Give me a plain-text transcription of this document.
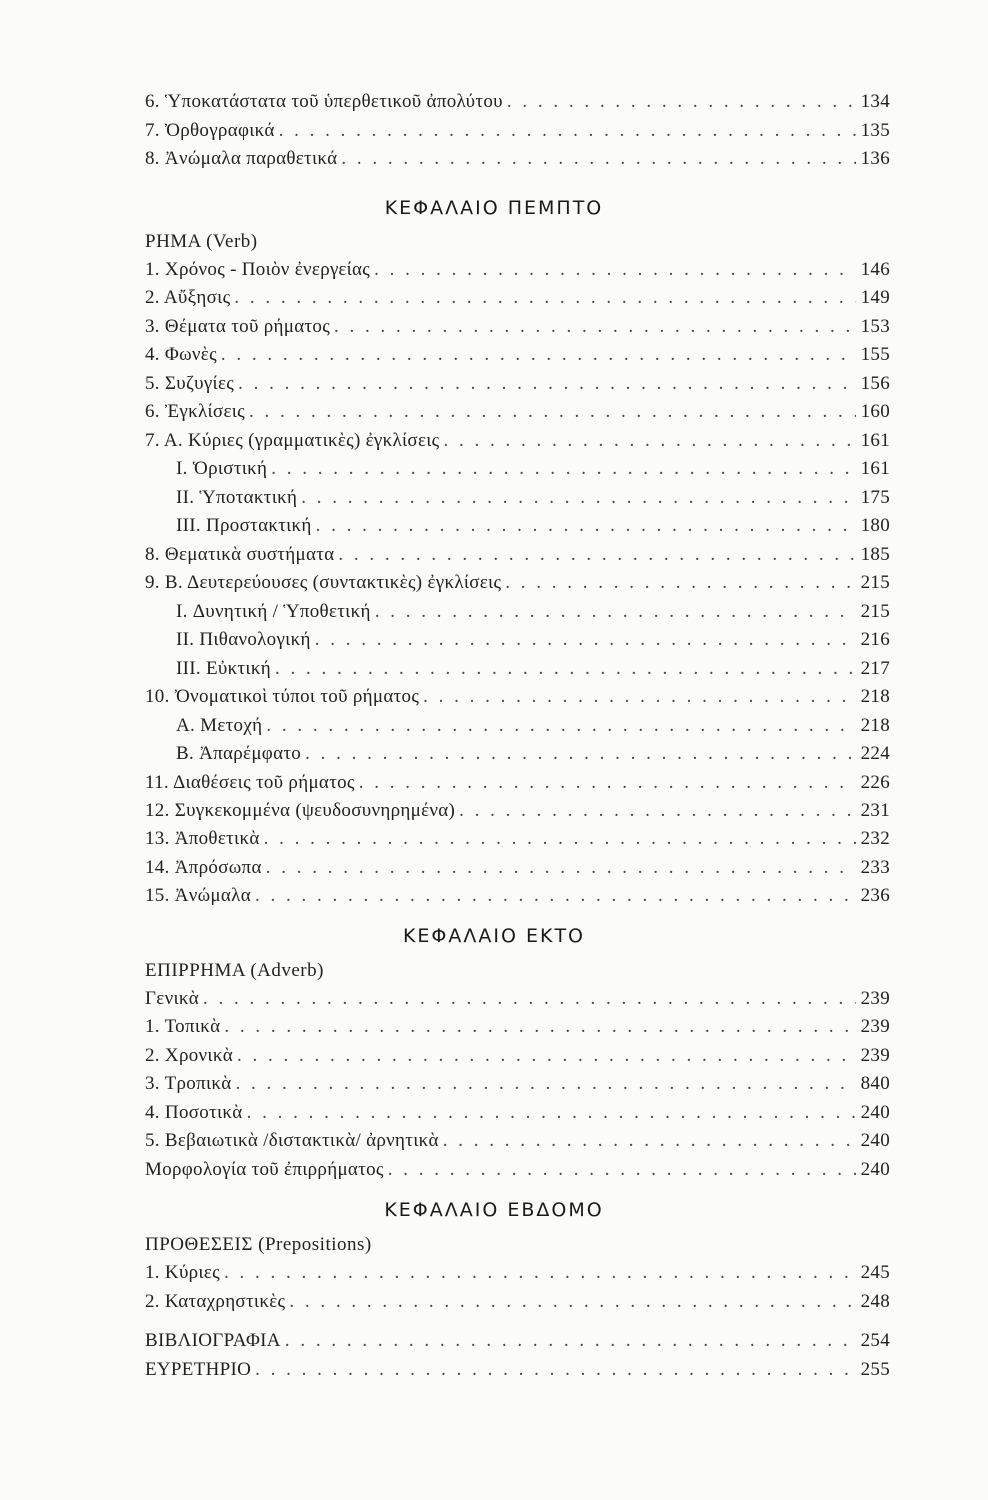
6. Ὑποκατάστατα τοῦ ὑπερθετικοῦ ἀπολύτου . . .	134
7. Ὀρθογραφικά . . .	135
8. Ἀνώμαλα παραθετικά . . .	136
ΚΕΦΑΛΑΙΟ ΠΕΜΠΤΟ
ΡΗΜΑ (Verb)
1. Χρόνος - Ποιὸν ἐνεργείας . . .	146
2. Αὔξησις . . .	149
3. Θέματα τοῦ ρήματος . . .	153
4. Φωνὲς . . .	155
5. Συζυγίες . . .	156
6. Ἐγκλίσεις . . .	160
7. Α. Κύριες (γραμματικὲς) ἐγκλίσεις . . .	161
I. Ὁριστική . . .	161
II. Ὑποτακτική . . .	175
III. Προστακτική . . .	180
8. Θεματικὰ συστήματα . . .	185
9. Β. Δευτερεύουσες (συντακτικὲς) ἐγκλίσεις . . .	215
I. Δυνητική / Ὑποθετική . . .	215
II. Πιθανολογική . . .	216
III. Εὐκτική . . .	217
10. Ὀνοματικοὶ τύποι τοῦ ρήματος . . .	218
Α. Μετοχή . . .	218
Β. Ἀπαρέμφατο . . .	224
11. Διαθέσεις τοῦ ρήματος . . .	226
12. Συγκεκομμένα (ψευδοσυνηρημένα) . . .	231
13. Ἀποθετικὰ . . .	232
14. Ἀπρόσωπα . . .	233
15. Ἀνώμαλα . . .	236
ΚΕΦΑΛΑΙΟ ΕΚΤΟ
ΕΠΙΡΡΗΜΑ (Adverb)
Γενικὰ . . .	239
1. Τοπικὰ . . .	239
2. Χρονικὰ . . .	239
3. Τροπικὰ . . .	840
4. Ποσοτικὰ . . .	240
5. Βεβαιωτικὰ /διστακτικὰ/ ἀρνητικὰ . . .	240
Μορφολογία τοῦ ἐπιρρήματος . . .	240
ΚΕΦΑΛΑΙΟ ΕΒΔΟΜΟ
ΠΡΟΘΕΣΕΙΣ (Prepositions)
1. Κύριες . . .	245
2. Καταχρηστικὲς . . .	248
ΒΙΒΛΙΟΓΡΑΦΙΑ . . .	254
ΕΥΡΕΤΗΡΙΟ . . .	255
